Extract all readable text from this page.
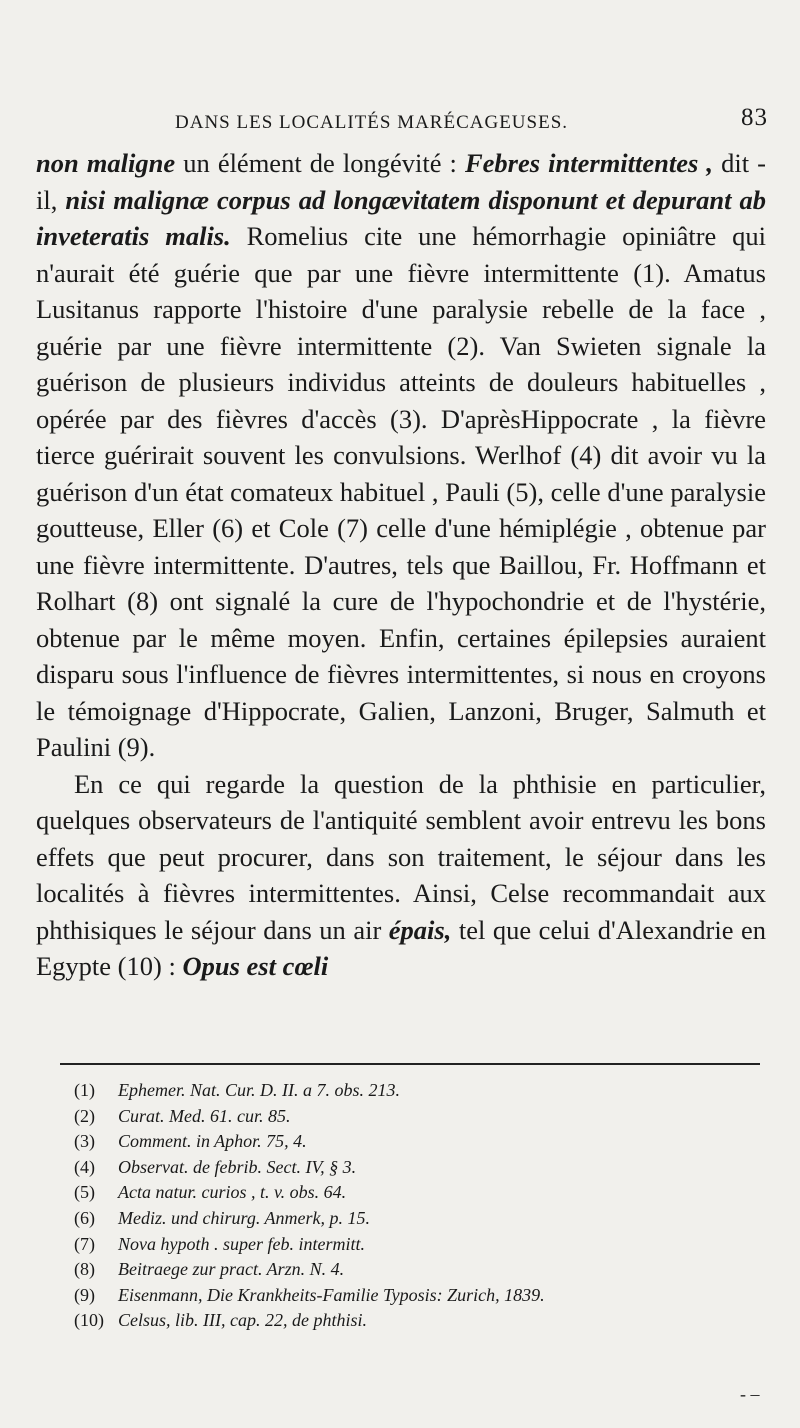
DANS LES LOCALITÉS MARÉCAGEUSES.	83

non maligne un élément de longévité : Febres intermittentes , dit - il, nisi malignæ corpus ad longævitatem disponunt et depurant ab inveteratis malis. Romelius cite une hémorrhagie opiniâtre qui n'aurait été guérie que par une fièvre intermittente (1). Amatus Lusitanus rapporte l'histoire d'une paralysie rebelle de la face , guérie par une fièvre intermittente (2). Van Swieten signale la guérison de plusieurs individus atteints de douleurs habituelles , opérée par des fièvres d'accès (3). D'aprèsHippocrate , la fièvre tierce guérirait souvent les convulsions. Werlhof (4) dit avoir vu la guérison d'un état comateux habituel , Pauli (5), celle d'une paralysie goutteuse, Eller (6) et Cole (7) celle d'une hémiplégie , obtenue par une fièvre intermittente. D'autres, tels que Baillou, Fr. Hoffmann et Rolhart (8) ont signalé la cure de l'hypochondrie et de l'hystérie, obtenue par le même moyen. Enfin, certaines épilepsies auraient disparu sous l'influence de fièvres intermittentes, si nous en croyons le témoignage d'Hippocrate, Galien, Lanzoni, Bruger, Salmuth et Paulini (9).

En ce qui regarde la question de la phthisie en particulier, quelques observateurs de l'antiquité semblent avoir entrevu les bons effets que peut procurer, dans son traitement, le séjour dans les localités à fièvres intermittentes. Ainsi, Celse recommandait aux phthisiques le séjour dans un air épais, tel que celui d'Alexandrie en Egypte (10) : Opus est cœli

(1) Ephemer. Nat. Cur. D. II. a 7. obs. 213.
(2) Curat. Med. 61. cur. 85.
(3) Comment. in Aphor. 75, 4.
(4) Observat. de febrib. Sect. IV, § 3.
(5) Acta natur. curios , t. v. obs. 64.
(6) Mediz. und chirurg. Anmerk, p. 15.
(7) Nova hypoth . super feb. intermitt.
(8) Beitraege zur pract. Arzn. N. 4.
(9) Eisenmann, Die Krankheits-Familie Typosis: Zurich, 1839.
(10) Celsus, lib. III, cap. 22, de phthisi.
- –
